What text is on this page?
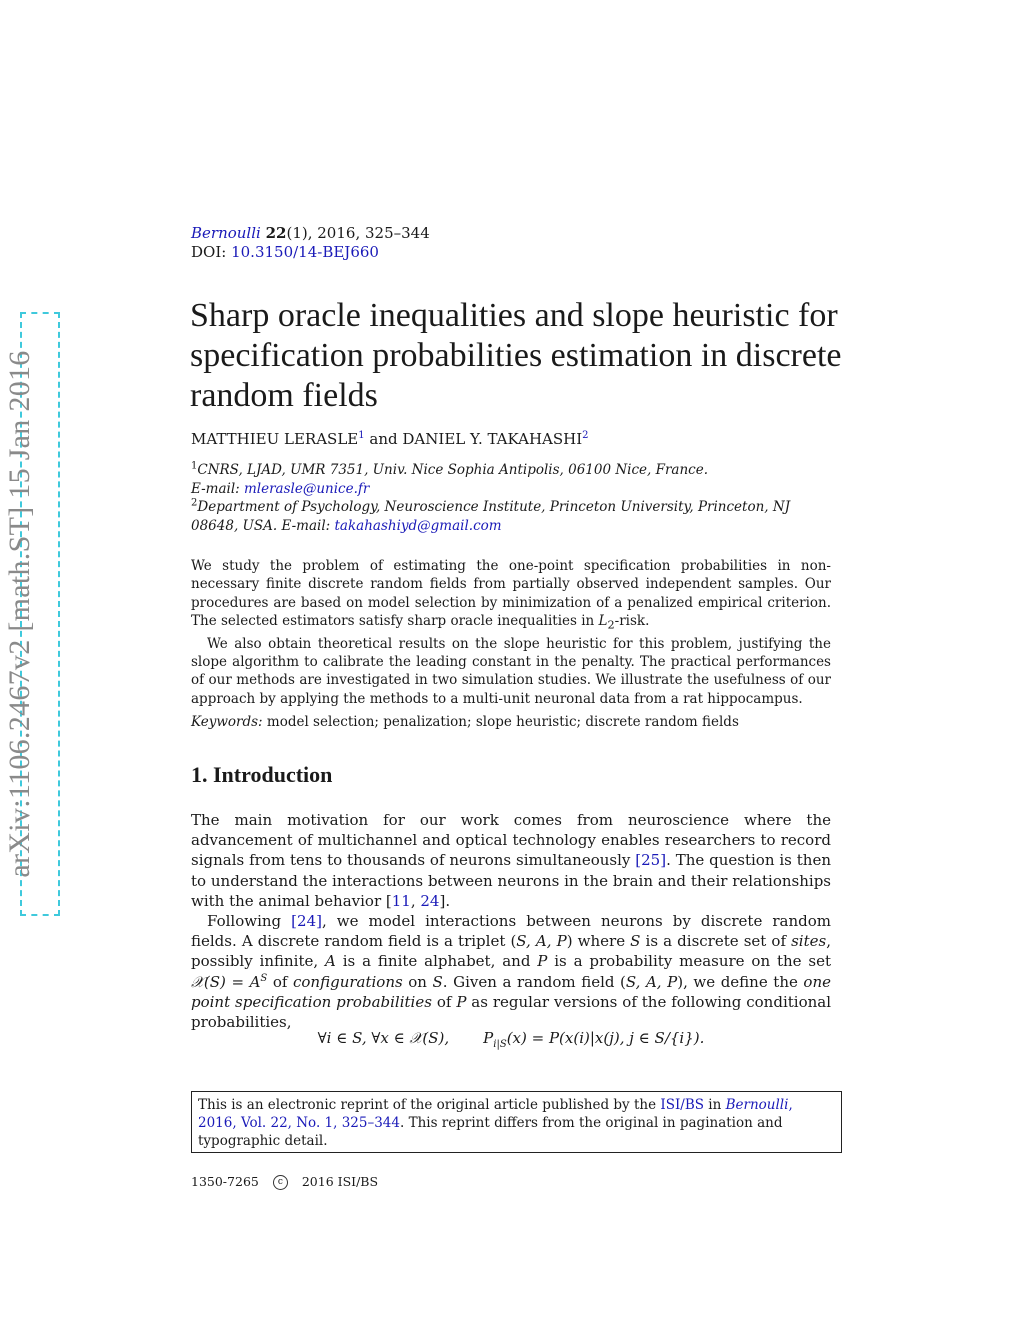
arXiv:1106.2467v2 [math.ST] 15 Jan 2016
Bernoulli 22(1), 2016, 325–344
DOI: 10.3150/14-BEJ660
Sharp oracle inequalities and slope heuristic for specification probabilities estimation in discrete random fields
MATTHIEU LERASLE$^1$ and DANIEL Y. TAKAHASHI$^2$
$^1$CNRS, LJAD, UMR 7351, Univ. Nice Sophia Antipolis, 06100 Nice, France.
E-mail: mlerasle@unice.fr
$^2$Department of Psychology, Neuroscience Institute, Princeton University, Princeton, NJ 08648, USA. E-mail: takahashiyd@gmail.com

We study the problem of estimating the one-point specification probabilities in non-necessary finite discrete random fields from partially observed independent samples. Our procedures are based on model selection by minimization of a penalized empirical criterion. The selected estimators satisfy sharp oracle inequalities in $L_2$-risk.

We also obtain theoretical results on the slope heuristic for this problem, justifying the slope algorithm to calibrate the leading constant in the penalty. The practical performances of our methods are investigated in two simulation studies. We illustrate the usefulness of our approach by applying the methods to a multi-unit neuronal data from a rat hippocampus.

Keywords: model selection; penalization; slope heuristic; discrete random fields
1. Introduction

The main motivation for our work comes from neuroscience where the advancement of multichannel and optical technology enables researchers to record signals from tens to thousands of neurons simultaneously [25]. The question is then to understand the interactions between neurons in the brain and their relationships with the animal behavior [11, 24].

Following [24], we model interactions between neurons by discrete random fields. A discrete random field is a triplet (S, A, P) where S is a discrete set of sites, possibly infinite, A is a finite alphabet, and P is a probability measure on the set 𝒳(S) = $A^S$ of configurations on S. Given a random field (S, A, P), we define the one point specification probabilities of P as regular versions of the following conditional probabilities,

∀i ∈ S, ∀x ∈ 𝒳(S), $P_{i|S}(x) = P(x(i)|x(j)$, j ∈ S/{i}).
This is an electronic reprint of the original article published by the ISI/BS in Bernoulli, 2016, Vol. 22, No. 1, 325–344. This reprint differs from the original in pagination and typographic detail.
1350-7265 c 2016 ISI/BS
